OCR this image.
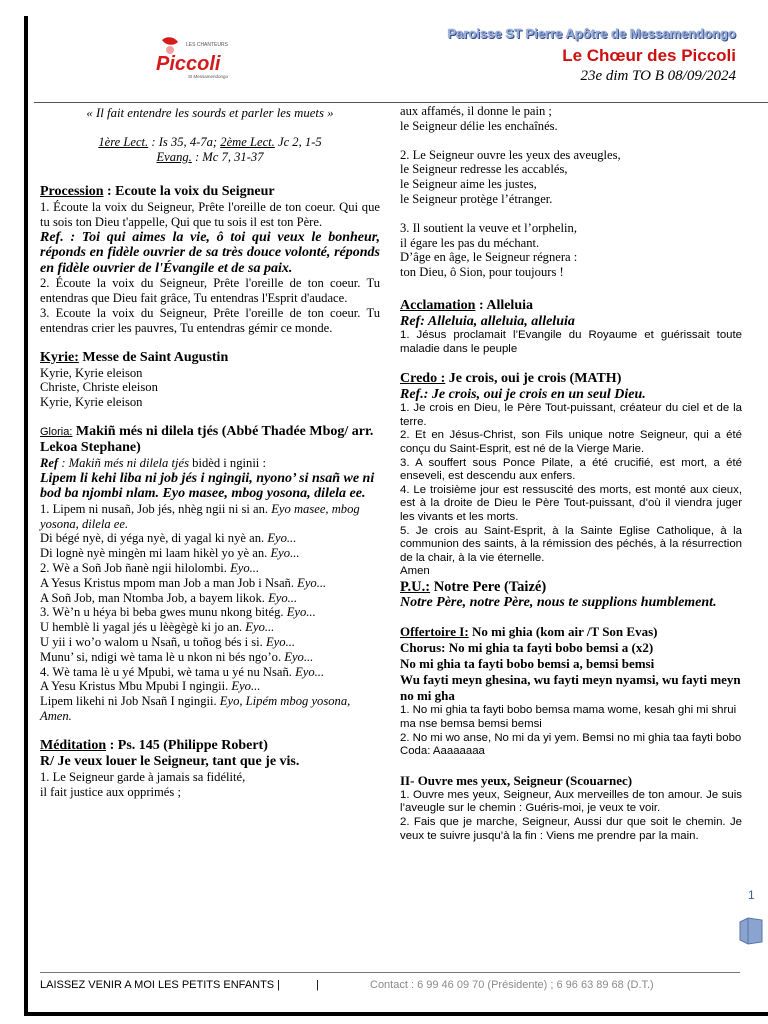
LES CHANTEURS
Piccoli
St Messamendongo
Paroisse ST Pierre Apôtre de Messamendongo
Le Chœur des Piccoli
23e dim TO B 08/09/2024

« Il fait entendre les sourds et parler les muets »

1ère Lect. : Is 35, 4-7a; 2ème Lect. Jc 2, 1-5

Evang. : Mc 7, 31-37

Procession : Ecoute la voix du Seigneur

1. Écoute la voix du Seigneur, Prête l'oreille de ton coeur. Qui que tu sois ton Dieu t'appelle, Qui que tu sois il est ton Père.

Ref. : Toi qui aimes la vie, ô toi qui veux le bonheur, réponds en fidèle ouvrier de sa très douce volonté, réponds en fidèle ouvrier de l'Évangile et de sa paix.

2. Écoute la voix du Seigneur, Prête l'oreille de ton coeur. Tu entendras que Dieu fait grâce, Tu entendras l'Esprit d'audace.

3. Ecoute la voix du Seigneur, Prête l'oreille de ton coeur. Tu entendras crier les pauvres, Tu entendras gémir ce monde.

Kyrie: Messe de Saint Augustin

Kyrie, Kyrie eleison

Christe, Christe eleison

Kyrie, Kyrie eleison

Gloria: Makiñ més ni dilela tjés (Abbé Thadée Mbog/ arr. Lekoa Stephane)

Ref : Makiñ més ni dilela tjés bidèd i nginii :

Lipem li kehi liba ni job jés i ngingii, nyono’ si nsañ we ni bod ba njombi nlam. Eyo masee, mbog yosona, dilela ee.

1. Lipem ni nusañ, Job jés, nhèg ngii ni si an. Eyo masee, mbog yosona, dilela ee.

Di bégé nyè, di yéga nyè, di yagal ki nyè an. Eyo...

Di lognè nyè mingèn mi laam hikèl yo yè an. Eyo...

2. Wè a Soñ Job ñanè ngii hilolombi. Eyo...

A Yesus Kristus mpom man Job a man Job i Nsañ. Eyo...

A Soñ Job, man Ntomba Job, a bayem likok. Eyo...

3. Wè’n u héya bi beba gwes munu nkong bitég. Eyo...

U hemblè li yagal jés u lèègègè ki jo an. Eyo...

U yii i wo’o walom u Nsañ, u toñog bés i si. Eyo...

Munu’ si, ndigi wè tama lè u nkon ni bés ngo’o. Eyo...

4. Wè tama lè u yé Mpubi, wè tama u yé nu Nsañ. Eyo...

A Yesu Kristus Mbu Mpubi I ngingii. Eyo...

Lipem likehi ni Job Nsañ I ngingii. Eyo, Lipém mbog yosona, Amen.

Méditation : Ps. 145 (Philippe Robert)

R/ Je veux louer le Seigneur, tant que je vis.

1. Le Seigneur garde à jamais sa fidélité,

il fait justice aux opprimés ;

aux affamés, il donne le pain ;

le Seigneur délie les enchaînés.

2. Le Seigneur ouvre les yeux des aveugles,

le Seigneur redresse les accablés,

le Seigneur aime les justes,

le Seigneur protège l’étranger.

3. Il soutient la veuve et l’orphelin,

il égare les pas du méchant.

D’âge en âge, le Seigneur régnera :

ton Dieu, ô Sion, pour toujours !

Acclamation : Alleluia

Ref: Alleluia, alleluia, alleluia

1. Jésus proclamait l’Evangile du Royaume et guérissait toute maladie dans le peuple

Credo : Je crois, oui je crois (MATH)

Ref.: Je crois, oui je crois en un seul Dieu.

1. Je crois en Dieu, le Père Tout-puissant, créateur du ciel et de la terre.

2. Et en Jésus-Christ, son Fils unique notre Seigneur, qui a été conçu du Saint-Esprit, est né de la Vierge Marie.

3. A souffert sous Ponce Pilate, a été crucifié, est mort, a été enseveli, est descendu aux enfers.

4. Le troisième jour est ressuscité des morts, est monté aux cieux, est à la droite de Dieu le Père Tout-puissant, d’où il viendra juger les vivants et les morts.

5. Je crois au Saint-Esprit, à la Sainte Eglise Catholique, à la communion des saints, à la rémission des péchés, à la résurrection de la chair, à la vie éternelle.

Amen

P.U.: Notre Pere (Taizé)

Notre Père, notre Père, nous te supplions humblement.

Offertoire I: No mi ghia (kom air /T Son Evas)

Chorus: No mi ghia ta fayti bobo bemsi a (x2)

No mi ghia ta fayti bobo bemsi a, bemsi bemsi

Wu fayti meyn ghesina, wu fayti meyn nyamsi, wu fayti meyn no mi gha

1. No mi ghia ta fayti bobo bemsa mama wome, kesah ghi mi shrui ma nse bemsa bemsi bemsi

2. No mi wo anse, No mi da yi yem. Bemsi no mi ghia taa fayti bobo

Coda: Aaaaaaaa

II- Ouvre mes yeux, Seigneur (Scouarnec)

1. Ouvre mes yeux, Seigneur, Aux merveilles de ton amour. Je suis l’aveugle sur le chemin : Guéris-moi, je veux te voir.

2. Fais que je marche, Seigneur, Aussi dur que soit le chemin. Je veux te suivre jusqu’à la fin : Viens me prendre par la main.

LAISSEZ VENIR A MOI LES PETITS ENFANTS |	|	Contact : 6 99 46 09 70 (Présidente) ; 6 96 63 89 68 (D.T.)
1
